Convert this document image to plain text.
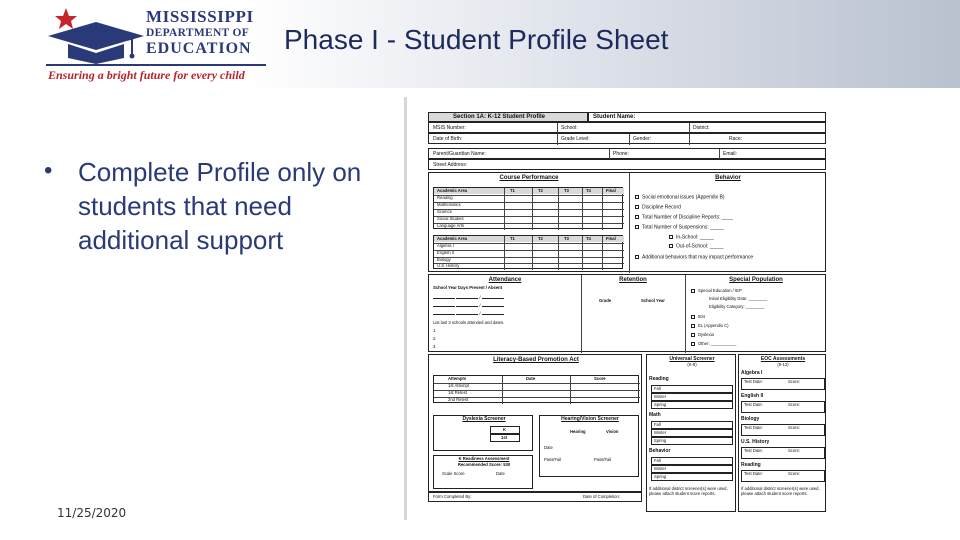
MISSISSIPPI
DEPARTMENT OF
EDUCATION
Ensuring a bright future for every child
Phase I - Student Profile Sheet
• Complete Profile only on students that need additional support
11/25/2020
Section 1A: K-12 Student Profile	Student Name:
MSIS Number:	School:	District:
Date of Birth:	Grade Level:	Gender:	Race:
Parent/Guardian Name:	Phone:	Email:
Street Address:
Course Performance	Behavior
Academic Area	T1	T2	T3	T4	Final
Reading
Mathematics
Science
Social Studies
Language Arts
Academic Area	T1	T2	T3	T4	Final
Algebra I
English II
Biology
U.S. History
Social emotional issues (Appendix B)
Discipline Record
Total Number of Discipline Reports: ____
Total Number of Suspensions: _____
In-School: _____
Out-of-School: _____
Additional behaviors that may impact performance
Attendance
School Year Days Present / Absent
/
/
/
List last 3 schools attended and dates.
1.
2.
3.
Retention
Grade	School Year
Special Population
Special Education / IEP
Initial Eligibility Date: ________
Eligibility Category: ________
504
EL (Appendix C)
Dyslexia
Other: ___________
Literacy-Based Promotion Act
Attempts	Date	Score
1st Attempt
1st Retest
2nd Retest
Dyslexia Screener
K
1st
Hearing/Vision Screener
Hearing	Vision
Date
Pass/Fail	Pass/Fail
K Readiness Assessment
Recommended Score: 530
Scale Score	Date
Universal Screener
(K-8)
Reading
Fall
Winter
Spring
Math
Fall
Winter
Spring
Behavior
Fall
Winter
Spring
If additional district screener(s) were used, please attach student score reports.
EOC Assessments
(9-12)
Algebra I
Test Date:	Score:
English II
Test Date:	Score:
Biology
Test Date:	Score:
U.S. History
Test Date:	Score:
Reading
Test Date:	Score:
If additional district screener(s) were used, please attach student score reports.
Form Completed By:	Date of Completion:
